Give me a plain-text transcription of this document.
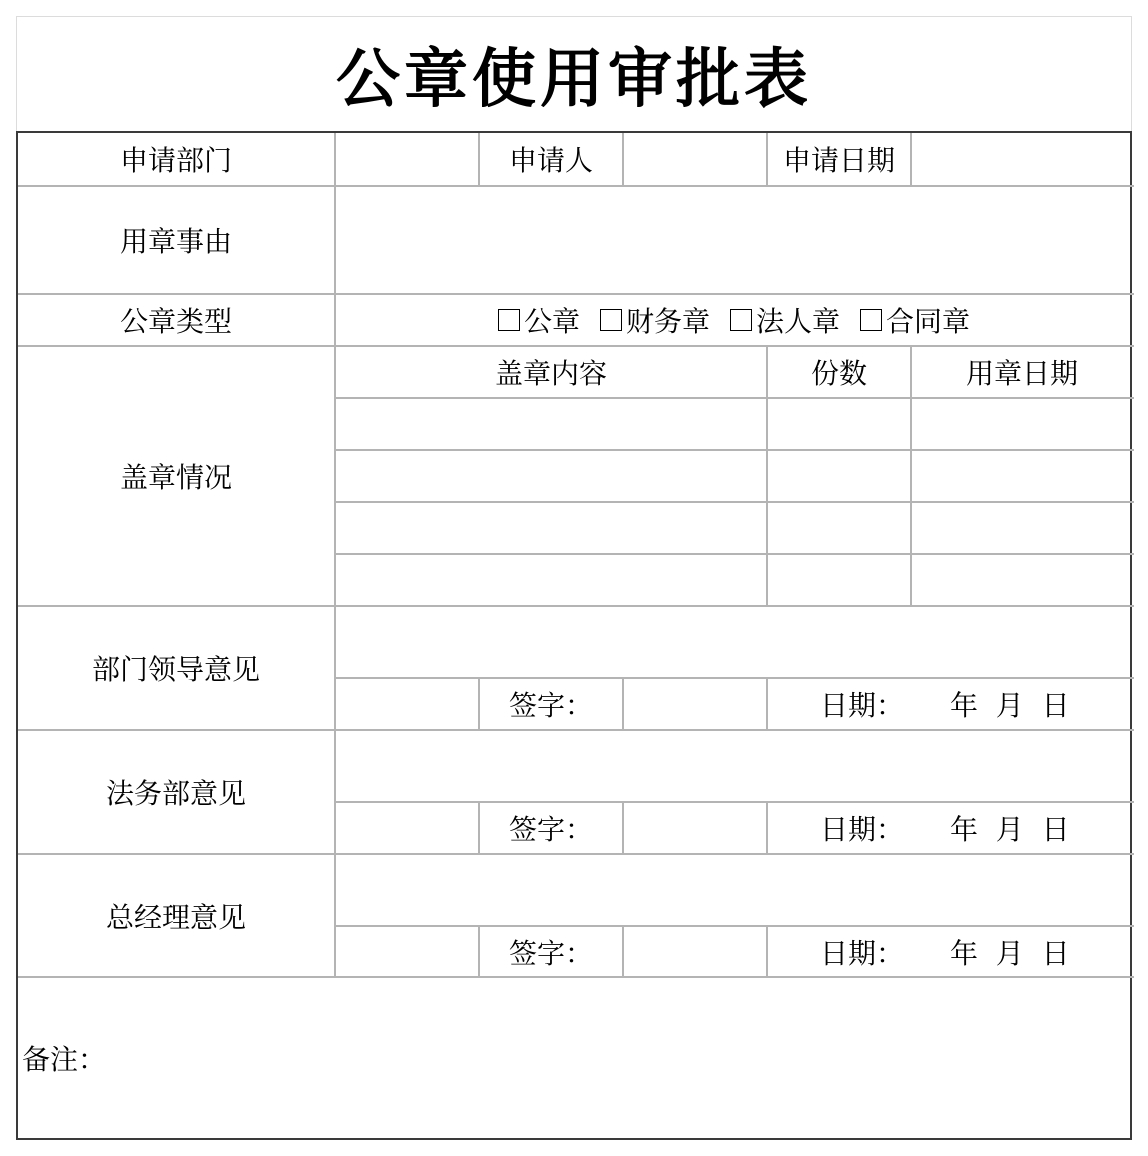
公章使用审批表
申请部门	申请人	申请日期
用章事由
公章类型	公章 财务章 法人章 合同章
盖章情况
盖章内容	份数	用章日期
部门领导意见
签字：	日期：	年  月  日
法务部意见
签字：	日期：	年  月  日
总经理意见
签字：	日期：	年  月  日
备注：
